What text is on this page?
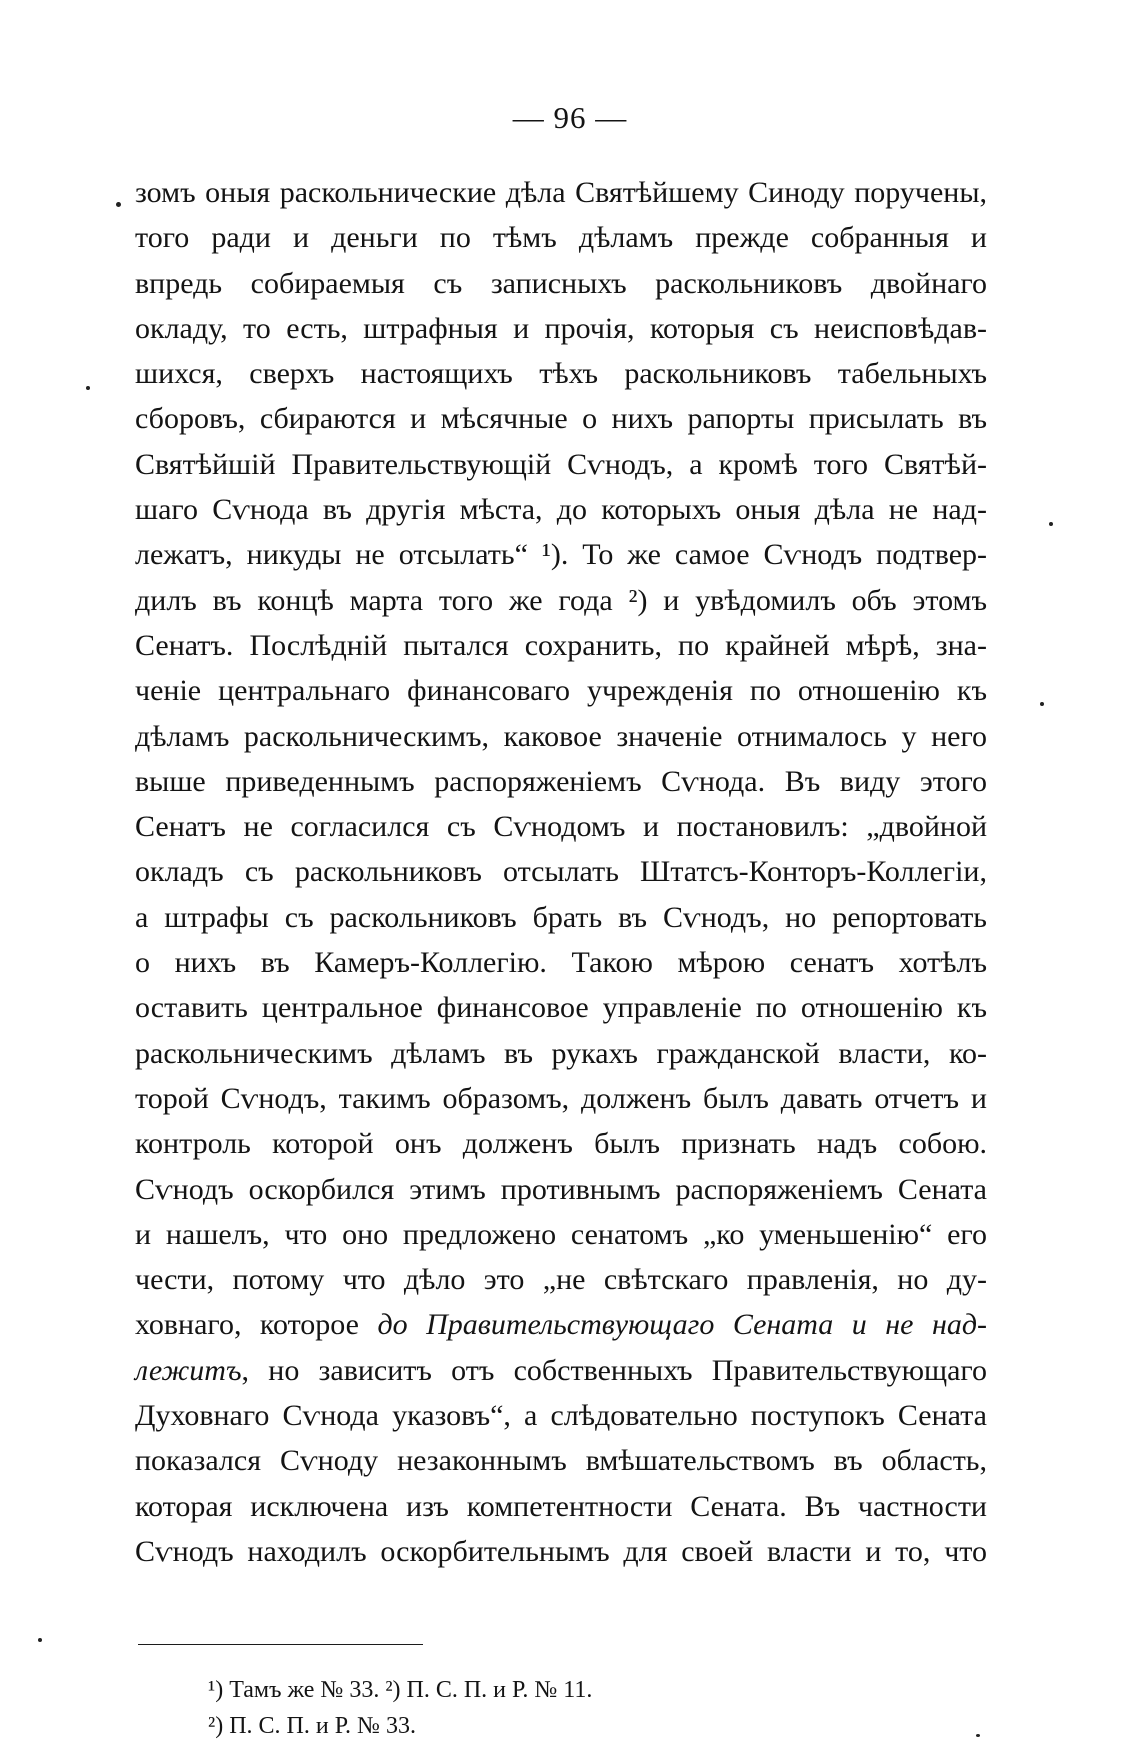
— 96 —
зомъ оныя раскольнические дѣла Святѣйшему Синоду поручены,
того ради и деньги по тѣмъ дѣламъ прежде собранныя и
впредь собираемыя съ записныхъ раскольниковъ двойнаго
окладу, то есть, штрафныя и прочія, которыя съ неисповѣдав-
шихся, сверхъ настоящихъ тѣхъ раскольниковъ табельныхъ
сборовъ, сбираются и мѣсячные о нихъ рапорты присылать въ
Святѣйшій Правительствующій Сѵнодъ, а кромѣ того Святѣй-
шаго Сѵнода въ другія мѣста, до которыхъ оныя дѣла не над-
лежатъ, никуды не отсылать“ ¹). То же самое Сѵнодъ подтвер-
дилъ въ концѣ марта того же года ²) и увѣдомилъ объ этомъ
Сенатъ. Послѣдній пытался сохранить, по крайней мѣрѣ, зна-
ченіе центральнаго финансоваго учрежденія по отношенію къ
дѣламъ раскольническимъ, каковое значеніе отнималось у него
выше приведеннымъ распоряженіемъ Сѵнода. Въ виду этого
Сенатъ не согласился съ Сѵнодомъ и постановилъ: „двойной
окладъ съ раскольниковъ отсылать Штатсъ-Конторъ-Коллегіи,
а штрафы съ раскольниковъ брать въ Сѵнодъ, но репортовать
о нихъ въ Камеръ-Коллегію. Такою мѣрою сенатъ хотѣлъ
оставить центральное финансовое управленіе по отношенію къ
раскольническимъ дѣламъ въ рукахъ гражданской власти, ко-
торой Сѵнодъ, такимъ образомъ, долженъ былъ давать отчетъ и
контроль которой онъ долженъ былъ признать надъ собою.
Сѵнодъ оскорбился этимъ противнымъ распоряженіемъ Сената
и нашелъ, что оно предложено сенатомъ „ко уменьшенію“ его
чести, потому что дѣло это „не свѣтскаго правленія, но ду-
ховнаго, которое до Правительствующаго Сената и не над-
лежитъ, но зависитъ отъ собственныхъ Правительствующаго
Духовнаго Сѵнода указовъ“, а слѣдовательно поступокъ Сената
показался Сѵноду незаконнымъ вмѣшательствомъ въ область,
которая исключена изъ компетентности Сената. Въ частности
Сѵнодъ находилъ оскорбительнымъ для своей власти и то, что
¹) Тамъ же № 33. ²) П. С. П. и Р. № 11.
²) П. С. П. и Р. № 33.
